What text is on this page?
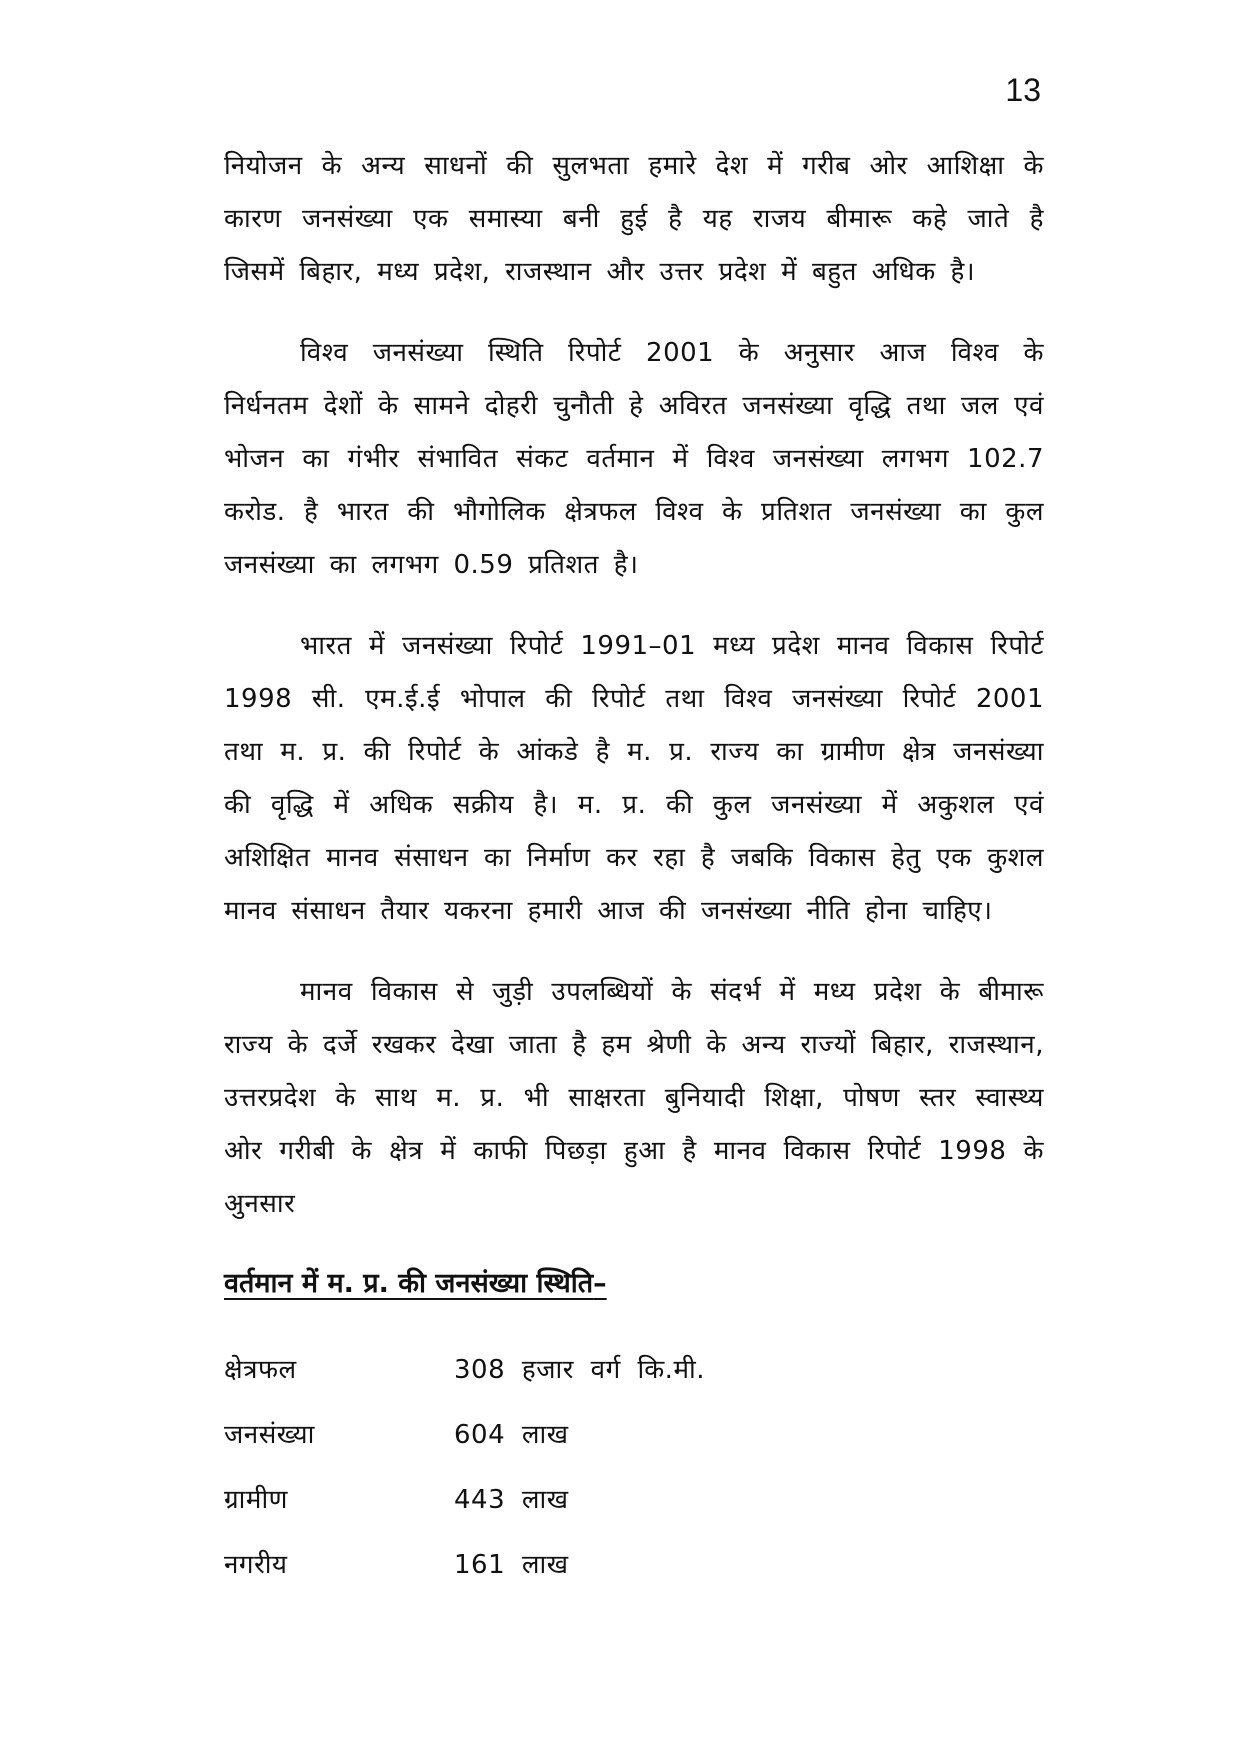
13

नियोजन के अन्य साधनों की सुलभता हमारे देश में गरीब ओर आशिक्षा के कारण जनसंख्या एक समास्या बनी हुई है यह राजय बीमारू कहे जाते है जिसमें बिहार, मध्य प्रदेश, राजस्थान और उत्तर प्रदेश में बहुत अधिक है।

विश्व जनसंख्या स्थिति रिपोर्ट 2001 के अनुसार आज विश्व के निर्धनतम देशों के सामने दोहरी चुनौती हे अविरत जनसंख्या वृद्धि तथा जल एवं भोजन का गंभीर संभावित संकट वर्तमान में विश्व जनसंख्या लगभग 102.7 करोड. है भारत की भौगोलिक क्षेत्रफल विश्व के प्रतिशत जनसंख्या का कुल जनसंख्या का लगभग 0.59 प्रतिशत है।

भारत में जनसंख्या रिपोर्ट 1991–01 मध्य प्रदेश मानव विकास रिपोर्ट 1998 सी. एम.ई.ई भोपाल की रिपोर्ट तथा विश्व जनसंख्या रिपोर्ट 2001 तथा म. प्र. की रिपोर्ट के आंकडे है म. प्र. राज्य का ग्रामीण क्षेत्र जनसंख्या की वृद्धि में अधिक सक्रीय है। म. प्र. की कुल जनसंख्या में अकुशल एवं अशिक्षित मानव संसाधन का निर्माण कर रहा है जबकि विकास हेतु एक कुशल मानव संसाधन तैयार यकरना हमारी आज की जनसंख्या नीति होना चाहिए।

मानव विकास से जुड़ी उपलब्धियों के संदर्भ में मध्य प्रदेश के बीमारू राज्य के दर्जे रखकर देखा जाता है हम श्रेणी के अन्य राज्यों बिहार, राजस्थान, उत्तरप्रदेश के साथ म. प्र. भी साक्षरता बुनियादी शिक्षा, पोषण स्तर स्वास्थ्य ओर गरीबी के क्षेत्र में काफी पिछड़ा हुआ है मानव विकास रिपोर्ट 1998 के अुनसार

वर्तमान में म. प्र. की जनसंख्या स्थिति–
क्षेत्रफल	308 हजार वर्ग कि.मी.
जनसंख्या	604 लाख
ग्रामीण	443 लाख
नगरीय	161 लाख
